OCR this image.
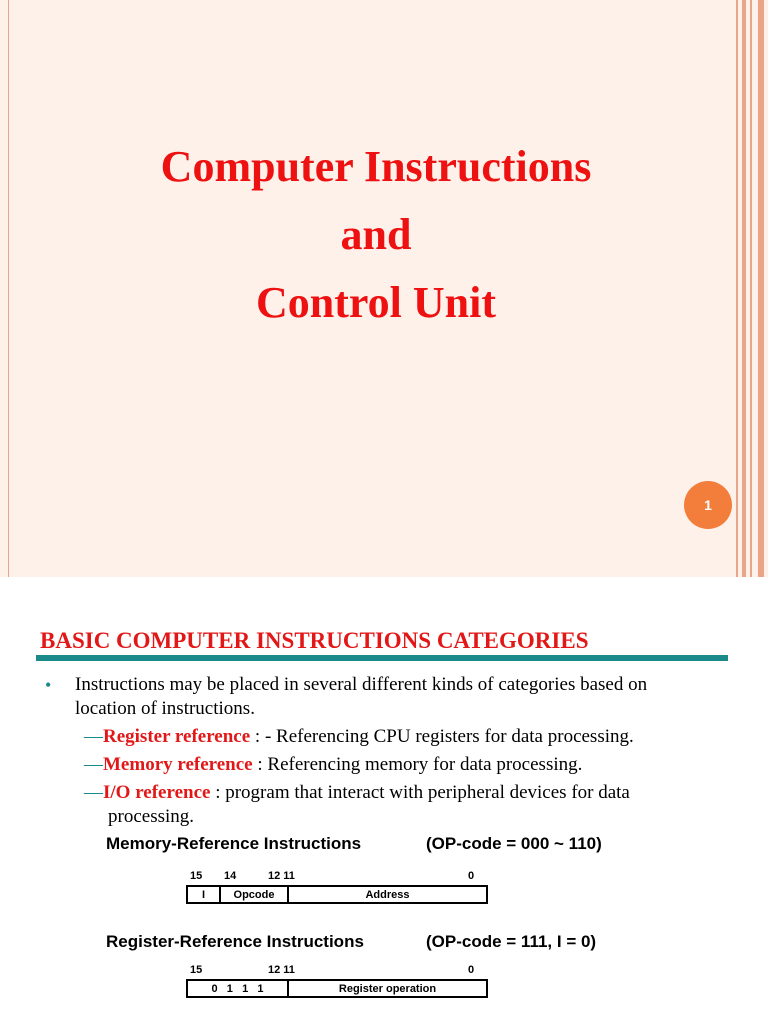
Computer Instructions
and
Control Unit
1
BASIC COMPUTER INSTRUCTIONS CATEGORIES
• Instructions may be placed in several different kinds of categories based on
location of instructions.
—Register reference : - Referencing CPU registers for data processing.
—Memory reference : Referencing memory for data processing.
—I/O reference : program that interact with peripheral devices for data
processing.
Memory-Reference Instructions	(OP-code = 000 ~ 110)
15 14	12 11	0
I	Opcode	Address
Register-Reference Instructions	(OP-code = 111, I = 0)
15	12 11	0
0   1   1   1	Register operation
